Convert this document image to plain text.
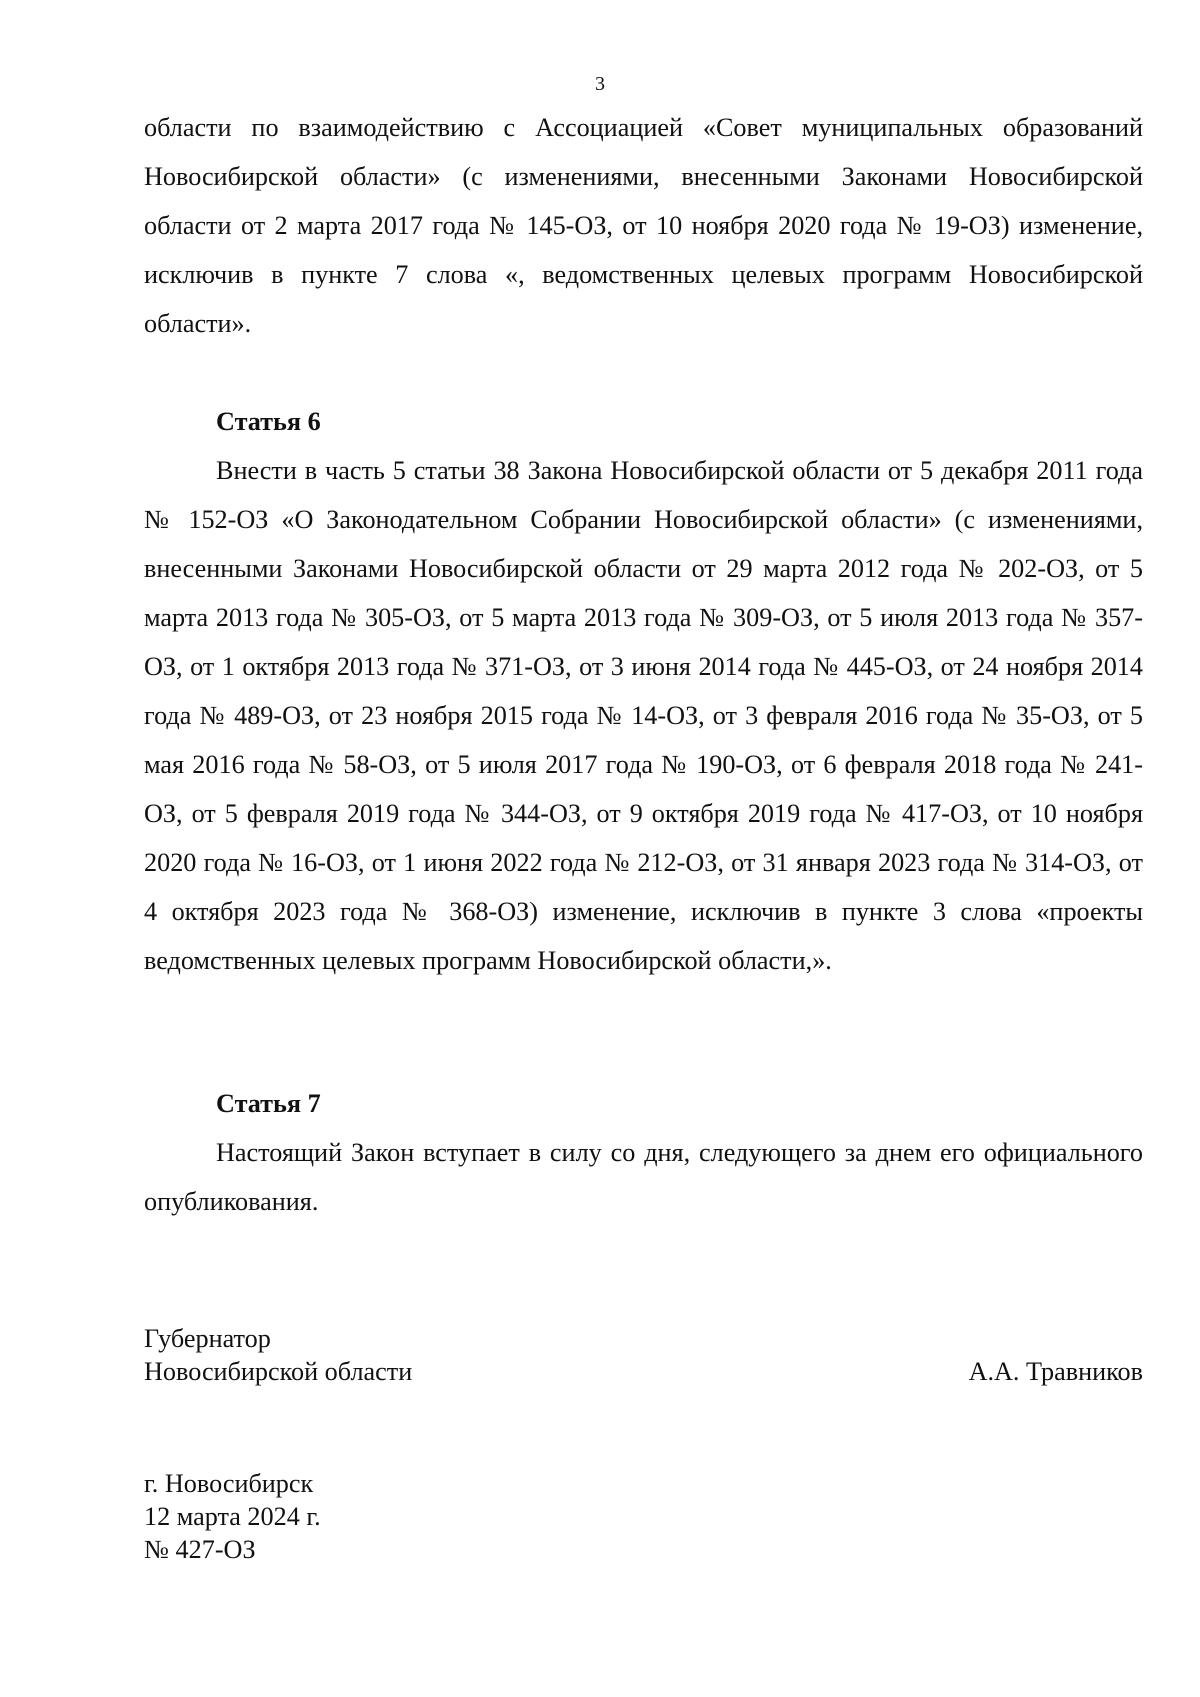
3

области по взаимодействию с Ассоциацией «Совет муниципальных образований Новосибирской области» (с изменениями, внесенными Законами Новосибирской области от 2 марта 2017 года № 145-ОЗ, от 10 ноября 2020 года № 19-ОЗ) изменение, исключив в пункте 7 слова «, ведомственных целевых программ Новосибирской области».

Статья 6

Внести в часть 5 статьи 38 Закона Новосибирской области от 5 декабря 2011 года № 152-ОЗ «О Законодательном Собрании Новосибирской области» (с изменениями, внесенными Законами Новосибирской области от 29 марта 2012 года № 202-ОЗ, от 5 марта 2013 года № 305-ОЗ, от 5 марта 2013 года № 309-ОЗ, от 5 июля 2013 года № 357-ОЗ, от 1 октября 2013 года № 371-ОЗ, от 3 июня 2014 года № 445-ОЗ, от 24 ноября 2014 года № 489-ОЗ, от 23 ноября 2015 года № 14-ОЗ, от 3 февраля 2016 года № 35-ОЗ, от 5 мая 2016 года № 58-ОЗ, от 5 июля 2017 года № 190-ОЗ, от 6 февраля 2018 года № 241-ОЗ, от 5 февраля 2019 года № 344-ОЗ, от 9 октября 2019 года № 417-ОЗ, от 10 ноября 2020 года № 16-ОЗ, от 1 июня 2022 года № 212-ОЗ, от 31 января 2023 года № 314-ОЗ, от 4 октября 2023 года № 368-ОЗ) изменение, исключив в пункте 3 слова «проекты ведомственных целевых программ Новосибирской области,».

Статья 7

Настоящий Закон вступает в силу со дня, следующего за днем его официального опубликования.

Губернатор

Новосибирской области	А.А. Травников

г. Новосибирск

12 марта 2024 г.

№ 427-ОЗ
